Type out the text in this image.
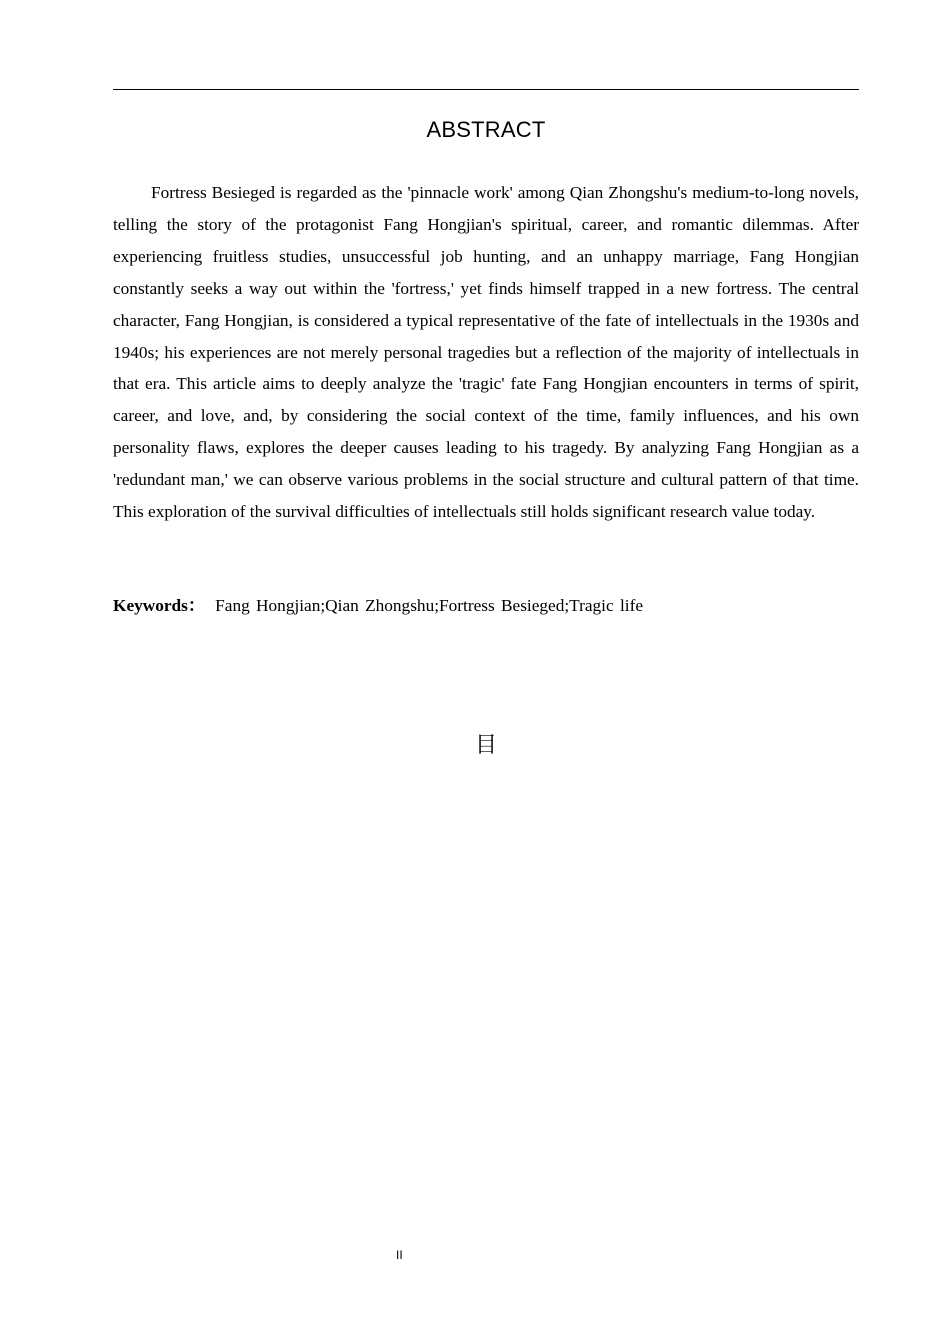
ABSTRACT

Fortress Besieged is regarded as the 'pinnacle work' among Qian Zhongshu's medium-to-long novels, telling the story of the protagonist Fang Hongjian's spiritual, career, and romantic dilemmas. After experiencing fruitless studies, unsuccessful job hunting, and an unhappy marriage, Fang Hongjian constantly seeks a way out within the 'fortress,' yet finds himself trapped in a new fortress. The central character, Fang Hongjian, is considered a typical representative of the fate of intellectuals in the 1930s and 1940s; his experiences are not merely personal tragedies but a reflection of the majority of intellectuals in that era. This article aims to deeply analyze the 'tragic' fate Fang Hongjian encounters in terms of spirit, career, and love, and, by considering the social context of the time, family influences, and his own personality flaws, explores the deeper causes leading to his tragedy. By analyzing Fang Hongjian as a 'redundant man,' we can observe various problems in the social structure and cultural pattern of that time. This exploration of the survival difficulties of intellectuals still holds significant research value today.

Keywords： Fang Hongjian;Qian Zhongshu;Fortress Besieged;Tragic life
目
II
